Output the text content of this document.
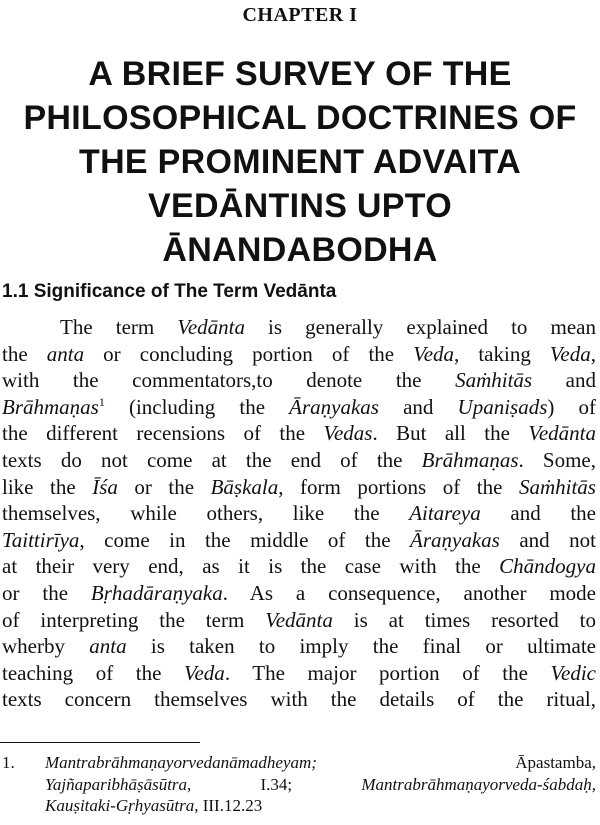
CHAPTER I
A BRIEF SURVEY OF THE
PHILOSOPHICAL DOCTRINES OF
THE PROMINENT ADVAITA
VEDĀNTINS UPTO
ĀNANDABODHA
1.1 Significance of The Term Vedānta
The term Vedānta is generally explained to mean
the anta or concluding portion of the Veda, taking Veda,
with the commentators,to denote the Saṁhitās and
Brāhmaṇas$^1$ (including the Āraṇyakas and Upaniṣads) of
the different recensions of the Vedas. But all the Vedānta
texts do not come at the end of the Brāhmaṇas. Some,
like the Īśa or the Bāṣkala, form portions of the Saṁhitās
themselves, while others, like the Aitareya and the
Taittirīya, come in the middle of the Āraṇyakas and not
at their very end, as it is the case with the Chāndogya
or the Bṛhadāraṇyaka. As a consequence, another mode
of interpreting the term Vedānta is at times resorted to
wherby anta is taken to imply the final or ultimate
teaching of the Veda. The major portion of the Vedic
texts concern themselves with the details of the ritual,
1. Mantrabrāhmaṇayorvedanāmadheyam; Āpastamba,
Yajñaparibhāṣāsūtra, I.34; Mantrabrāhmaṇayorveda-śabdaḥ,
Kauṣitaki-Gṛhyasūtra, III.12.23
